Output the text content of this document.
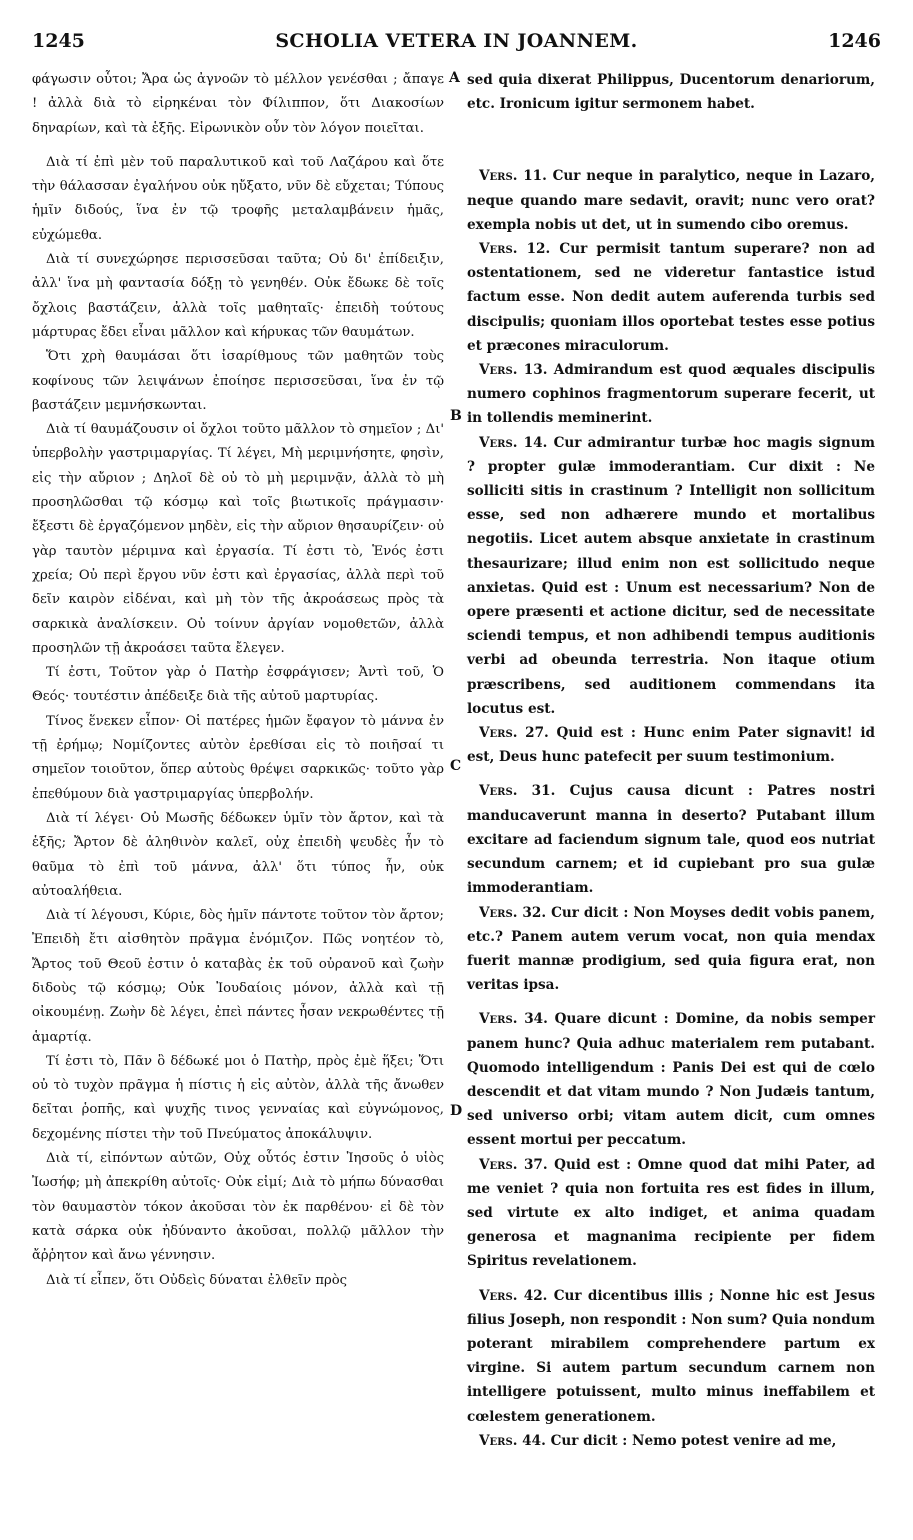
1245	SCHOLIA VETERA IN JOANNEM.	1246

φάγωσιν οὗτοι; Ἄρα ὡς ἀγνοῶν τὸ μέλλον γενέσθαι ; ἄπαγε ! ἀλλὰ διὰ τὸ εἰρηκέναι τὸν Φίλιππον, ὅτι Διακοσίων δηναρίων, καὶ τὰ ἑξῆς. Εἰρωνικὸν οὖν τὸν λόγον ποιεῖται.

Διὰ τί ἐπὶ μὲν τοῦ παραλυτικοῦ καὶ τοῦ Λαζάρου καὶ ὅτε τὴν θάλασσαν ἐγαλήνου οὐκ ηὔξατο, νῦν δὲ εὔχεται; Τύπους ἡμῖν διδούς, ἵνα ἐν τῷ τροφῆς μεταλαμβάνειν ἡμᾶς, εὐχώμεθα.

Διὰ τί συνεχώρησε περισσεῦσαι ταῦτα; Οὐ δι' ἐπίδειξιν, ἀλλ' ἵνα μὴ φαντασία δόξῃ τὸ γενηθέν. Οὐκ ἔδωκε δὲ τοῖς ὄχλοις βαστάζειν, ἀλλὰ τοῖς μαθηταῖς· ἐπειδὴ τούτους μάρτυρας ἔδει εἶναι μᾶλλον καὶ κήρυκας τῶν θαυμάτων.

Ὅτι χρὴ θαυμάσαι ὅτι ἰσαρίθμους τῶν μαθητῶν τοὺς κοφίνους τῶν λειψάνων ἐποίησε περισσεῦσαι, ἵνα ἐν τῷ βαστάζειν μεμνήσκωνται.

Διὰ τί θαυμάζουσιν οἱ ὄχλοι τοῦτο μᾶλλον τὸ σημεῖον ; Δι' ὑπερβολὴν γαστριμαργίας. Τί λέγει, Μὴ μεριμνήσητε, φησὶν, εἰς τὴν αὔριον ; Δηλοῖ δὲ οὐ τὸ μὴ μεριμνᾷν, ἀλλὰ τὸ μὴ προσηλῶσθαι τῷ κόσμῳ καὶ τοῖς βιωτικοῖς πράγμασιν· ἔξεστι δὲ ἐργαζόμενον μηδὲν, εἰς τὴν αὔριον θησαυρίζειν· οὐ γὰρ ταυτὸν μέριμνα καὶ ἐργασία. Τί ἐστι τὸ, Ἑνός ἐστι χρεία; Οὐ περὶ ἔργου νῦν ἐστι καὶ ἐργασίας, ἀλλὰ περὶ τοῦ δεῖν καιρὸν εἰδέναι, καὶ μὴ τὸν τῆς ἀκροάσεως πρὸς τὰ σαρκικὰ ἀναλίσκειν. Οὐ τοίνυν ἀργίαν νομοθετῶν, ἀλλὰ προσηλῶν τῇ ἀκροάσει ταῦτα ἔλεγεν.

Τί ἐστι, Τοῦτον γὰρ ὁ Πατὴρ ἐσφράγισεν; Ἀντὶ τοῦ, Ὁ Θεός· τουτέστιν ἀπέδειξε διὰ τῆς αὐτοῦ μαρτυρίας.

Τίνος ἕνεκεν εἶπον· Οἱ πατέρες ἡμῶν ἔφαγον τὸ μάννα ἐν τῇ ἐρήμῳ; Νομίζοντες αὐτὸν ἐρεθίσαι εἰς τὸ ποιῆσαί τι σημεῖον τοιοῦτον, ὅπερ αὐτοὺς θρέψει σαρκικῶς· τοῦτο γὰρ ἐπεθύμουν διὰ γαστριμαργίας ὑπερβολήν.

Διὰ τί λέγει· Οὐ Μωσῆς δέδωκεν ὑμῖν τὸν ἄρτον, καὶ τὰ ἑξῆς; Ἄρτον δὲ ἀληθινὸν καλεῖ, οὐχ ἐπειδὴ ψευδὲς ἦν τὸ θαῦμα τὸ ἐπὶ τοῦ μάννα, ἀλλ' ὅτι τύπος ἦν, οὐκ αὐτοαλήθεια.

Διὰ τί λέγουσι, Κύριε, δὸς ἡμῖν πάντοτε τοῦτον τὸν ἄρτον; Ἐπειδὴ ἔτι αἰσθητὸν πρᾶγμα ἐνόμιζον. Πῶς νοητέον τὸ, Ἄρτος τοῦ Θεοῦ ἐστιν ὁ καταβὰς ἐκ τοῦ οὐρανοῦ καὶ ζωὴν διδοὺς τῷ κόσμῳ; Οὐκ Ἰουδαίοις μόνον, ἀλλὰ καὶ τῇ οἰκουμένῃ. Ζωὴν δὲ λέγει, ἐπεὶ πάντες ἦσαν νεκρωθέντες τῇ ἁμαρτίᾳ.

Τί ἐστι τὸ, Πᾶν ὃ δέδωκέ μοι ὁ Πατὴρ, πρὸς ἐμὲ ἥξει; Ὅτι οὐ τὸ τυχὸν πρᾶγμα ἡ πίστις ἡ εἰς αὐτὸν, ἀλλὰ τῆς ἄνωθεν δεῖται ῥοπῆς, καὶ ψυχῆς τινος γενναίας καὶ εὐγνώμονος, δεχομένης πίστει τὴν τοῦ Πνεύματος ἀποκάλυψιν.

Διὰ τί, εἰπόντων αὐτῶν, Οὐχ οὗτός ἐστιν Ἰησοῦς ὁ υἱὸς Ἰωσήφ; μὴ ἀπεκρίθη αὐτοῖς· Οὐκ εἰμί; Διὰ τὸ μήπω δύνασθαι τὸν θαυμαστὸν τόκον ἀκοῦσαι τὸν ἐκ παρθένου· εἰ δὲ τὸν κατὰ σάρκα οὐκ ἠδύναντο ἀκοῦσαι, πολλῷ μᾶλλον τὴν ἄῤῥητον καὶ ἄνω γέννησιν.

Διὰ τί εἶπεν, ὅτι Οὐδεὶς δύναται ἐλθεῖν πρὸς

A
B
C
D

sed quia dixerat Philippus, Ducentorum denariorum, etc. Ironicum igitur sermonem habet.

Vers. 11. Cur neque in paralytico, neque in Lazaro, neque quando mare sedavit, oravit; nunc vero orat? exempla nobis ut det, ut in sumendo cibo oremus.

Vers. 12. Cur permisit tantum superare? non ad ostentationem, sed ne videretur fantastice istud factum esse. Non dedit autem auferenda turbis sed discipulis; quoniam illos oportebat testes esse potius et præcones miraculorum.

Vers. 13. Admirandum est quod æquales discipulis numero cophinos fragmentorum superare fecerit, ut in tollendis meminerint.

Vers. 14. Cur admirantur turbæ hoc magis signum ? propter gulæ immoderantiam. Cur dixit : Ne solliciti sitis in crastinum ? Intelligit non sollicitum esse, sed non adhærere mundo et mortalibus negotiis. Licet autem absque anxietate in crastinum thesaurizare; illud enim non est sollicitudo neque anxietas. Quid est : Unum est necessarium? Non de opere præsenti et actione dicitur, sed de necessitate sciendi tempus, et non adhibendi tempus auditionis verbi ad obeunda terrestria. Non itaque otium præscribens, sed auditionem commendans ita locutus est.

Vers. 27. Quid est : Hunc enim Pater signavit! id est, Deus hunc patefecit per suum testimonium.

Vers. 31. Cujus causa dicunt : Patres nostri manducaverunt manna in deserto? Putabant illum excitare ad faciendum signum tale, quod eos nutriat secundum carnem; et id cupiebant pro sua gulæ immoderantiam.

Vers. 32. Cur dicit : Non Moyses dedit vobis panem, etc.? Panem autem verum vocat, non quia mendax fuerit mannæ prodigium, sed quia figura erat, non veritas ipsa.

Vers. 34. Quare dicunt : Domine, da nobis semper panem hunc? Quia adhuc materialem rem putabant. Quomodo intelligendum : Panis Dei est qui de cœlo descendit et dat vitam mundo ? Non Judæis tantum, sed universo orbi; vitam autem dicit, cum omnes essent mortui per peccatum.

Vers. 37. Quid est : Omne quod dat mihi Pater, ad me veniet ? quia non fortuita res est fides in illum, sed virtute ex alto indiget, et anima quadam generosa et magnanima recipiente per fidem Spiritus revelationem.

Vers. 42. Cur dicentibus illis ; Nonne hic est Jesus filius Joseph, non respondit : Non sum? Quia nondum poterant mirabilem comprehendere partum ex virgine. Si autem partum secundum carnem non intelligere potuissent, multo minus ineffabilem et cœlestem generationem.

Vers. 44. Cur dicit : Nemo potest venire ad me,
